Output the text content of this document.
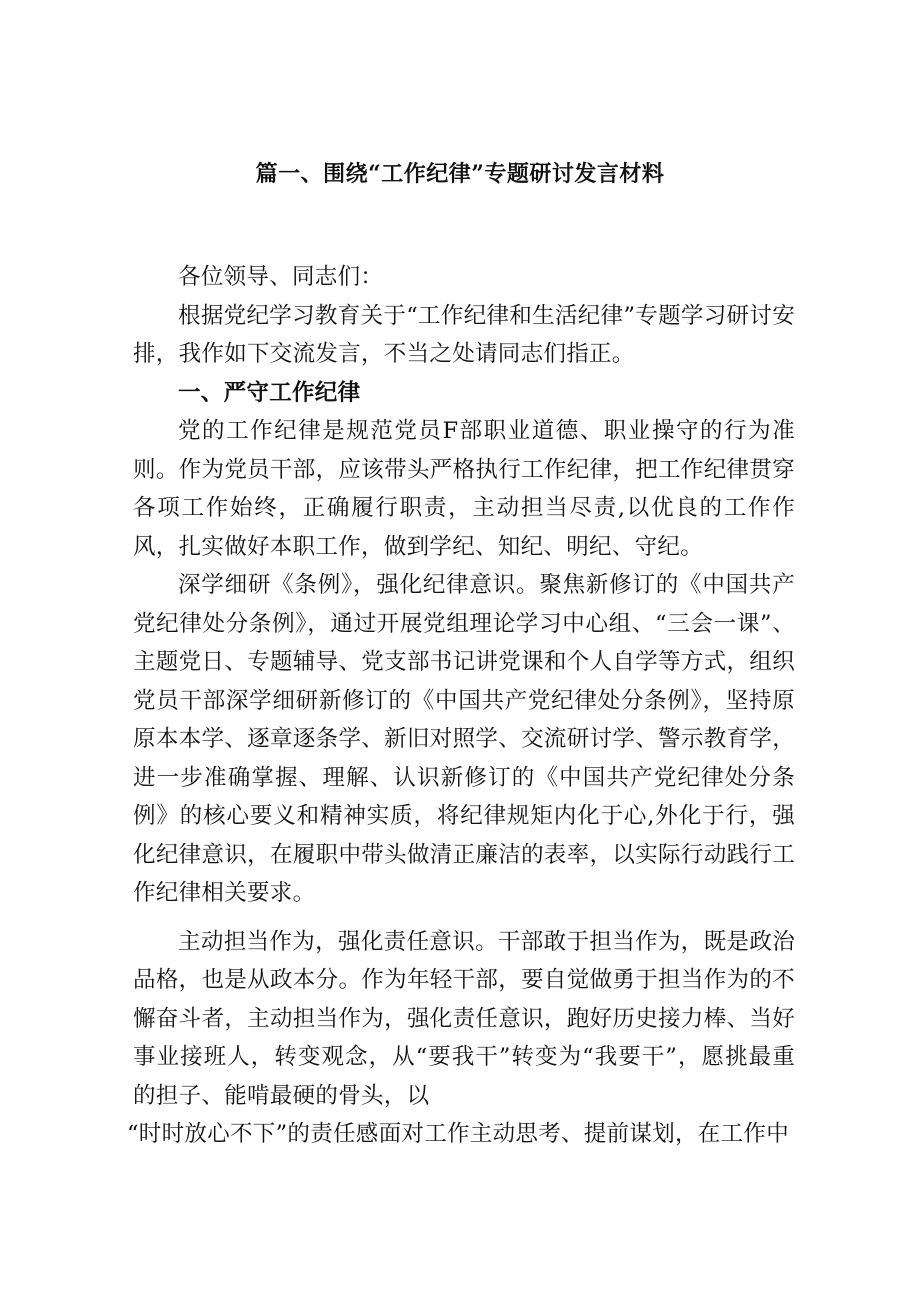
篇一、围绕“工作纪律”专题研讨发言材料

各位领导、同志们：

根据党纪学习教育关于“工作纪律和生活纪律”专题学习研讨安排，我作如下交流发言，不当之处请同志们指正。

一、严守工作纪律

党的工作纪律是规范党员F部职业道德、职业操守的行为准则。作为党员干部，应该带头严格执行工作纪律，把工作纪律贯穿各项工作始终，正确履行职责，主动担当尽责,以优良的工作作风，扎实做好本职工作，做到学纪、知纪、明纪、守纪。

深学细研《条例》，强化纪律意识。聚焦新修订的《中国共产党纪律处分条例》，通过开展党组理论学习中心组、“三会一课”、主题党日、专题辅导、党支部书记讲党课和个人自学等方式，组织党员干部深学细研新修订的《中国共产党纪律处分条例》，坚持原原本本学、逐章逐条学、新旧对照学、交流研讨学、警示教育学，进一步准确掌握、理解、认识新修订的《中国共产党纪律处分条例》的核心要义和精神实质，将纪律规矩内化于心,外化于行，强化纪律意识，在履职中带头做清正廉洁的表率，以实际行动践行工作纪律相关要求。

主动担当作为，强化责任意识。干部敢于担当作为，既是政治品格，也是从政本分。作为年轻干部，要自觉做勇于担当作为的不懈奋斗者，主动担当作为，强化责任意识，跑好历史接力棒、当好事业接班人，转变观念，从“要我干”转变为“我要干”，愿挑最重的担子、能啃最硬的骨头，以

“时时放心不下”的责任感面对工作主动思考、提前谋划，在工作中
